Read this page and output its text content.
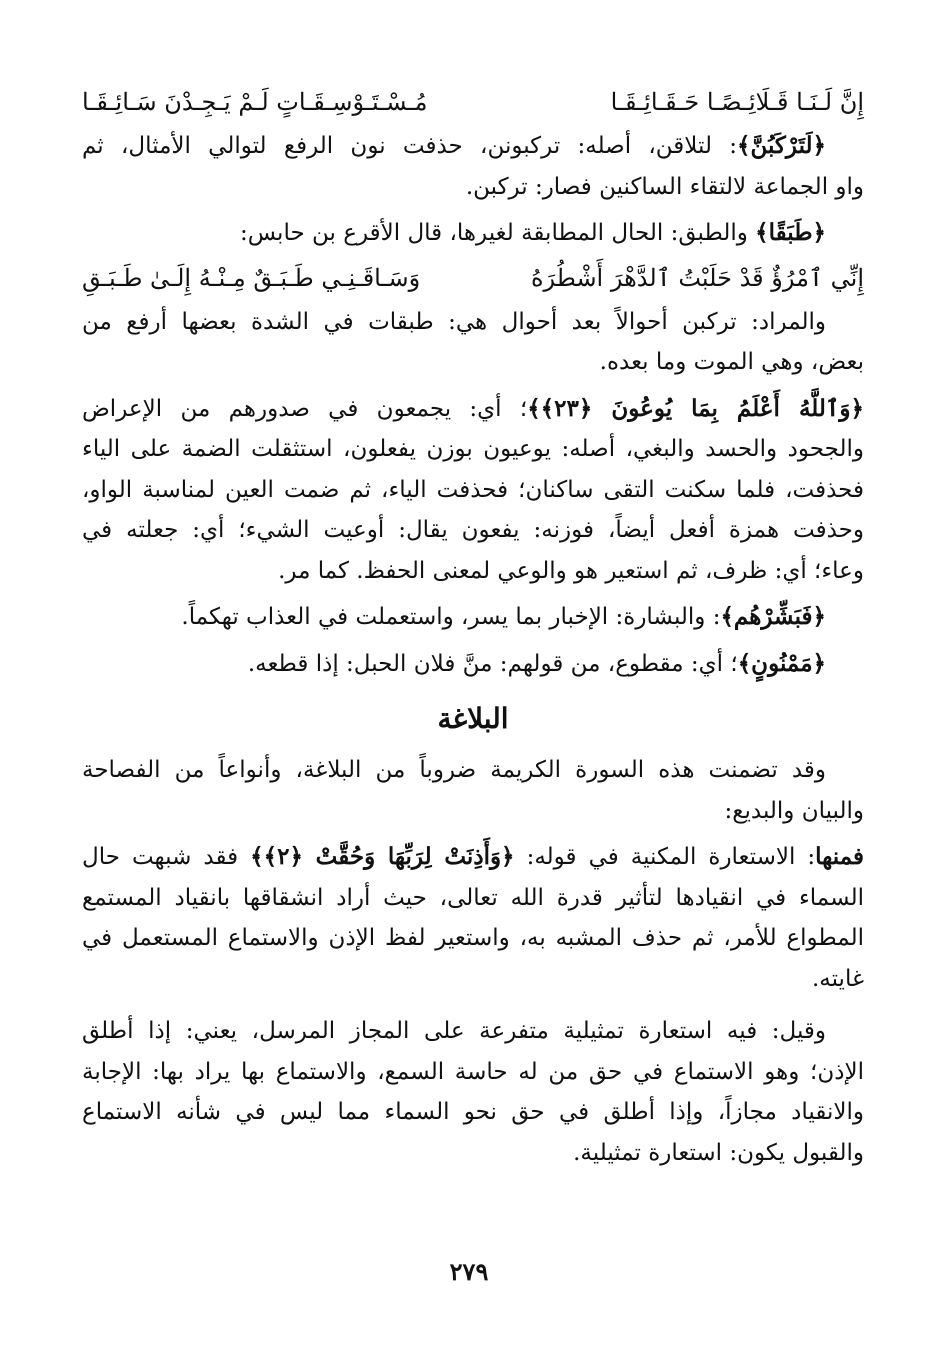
إِنَّ لَـنَـا قَـلَائِـصًـا حَـقَـائِـقَـا
مُـسْـتَـوْسِـقَـاتٍ لَـمْ يَـجِـدْنَ سَـائِـقَـا

﴿لَتَرْكَبُنَّ﴾: لتلاقن، أصله: تركبونن، حذفت نون الرفع لتوالي الأمثال، ثم

واو الجماعة لالتقاء الساكنين فصار: تركبن.

﴿طَبَقًا﴾ والطبق: الحال المطابقة لغيرها، قال الأقرع بن حابس:

إِنِّي ٱمْرُؤٌ قَدْ حَلَبْتُ ٱلدَّهْرَ أَشْطُرَهُ
وَسَـاقَـنِـي طَـبَـقٌ مِـنْـهُ إِلَـىٰ طَـبَـقِ

والمراد: تركبن أحوالاً بعد أحوال هي: طبقات في الشدة بعضها أرفع من

بعض، وهي الموت وما بعده.

﴿وَٱللَّهُ أَعْلَمُ بِمَا يُوعُونَ ﴿٢٣﴾﴾؛ أي: يجمعون في صدورهم من الإعراض

والجحود والحسد والبغي، أصله: يوعيون بوزن يفعلون، استثقلت الضمة على الياء

فحذفت، فلما سكنت التقى ساكنان؛ فحذفت الياء، ثم ضمت العين لمناسبة الواو،

وحذفت همزة أفعل أيضاً، فوزنه: يفعون يقال: أوعيت الشيء؛ أي: جعلته في

وعاء؛ أي: ظرف، ثم استعير هو والوعي لمعنى الحفظ. كما مر.

﴿فَبَشِّرْهُم﴾: والبشارة: الإخبار بما يسر، واستعملت في العذاب تهكماً.

﴿مَمْنُونٍ﴾؛ أي: مقطوع، من قولهم: منَّ فلان الحبل: إذا قطعه.

البلاغة

وقد تضمنت هذه السورة الكريمة ضروباً من البلاغة، وأنواعاً من الفصاحة

والبيان والبديع:

فمنها: الاستعارة المكنية في قوله: ﴿وَأَذِنَتْ لِرَبِّهَا وَحُقَّتْ ﴿٢﴾﴾ فقد شبهت حال

السماء في انقيادها لتأثير قدرة الله تعالى، حيث أراد انشقاقها بانقياد المستمع

المطواع للأمر، ثم حذف المشبه به، واستعير لفظ الإذن والاستماع المستعمل في

غايته.

وقيل: فيه استعارة تمثيلية متفرعة على المجاز المرسل، يعني: إذا أطلق

الإذن؛ وهو الاستماع في حق من له حاسة السمع، والاستماع بها يراد بها: الإجابة

والانقياد مجازاً، وإذا أطلق في حق نحو السماء مما ليس في شأنه الاستماع

والقبول يكون: استعارة تمثيلية.

٢٧٩
